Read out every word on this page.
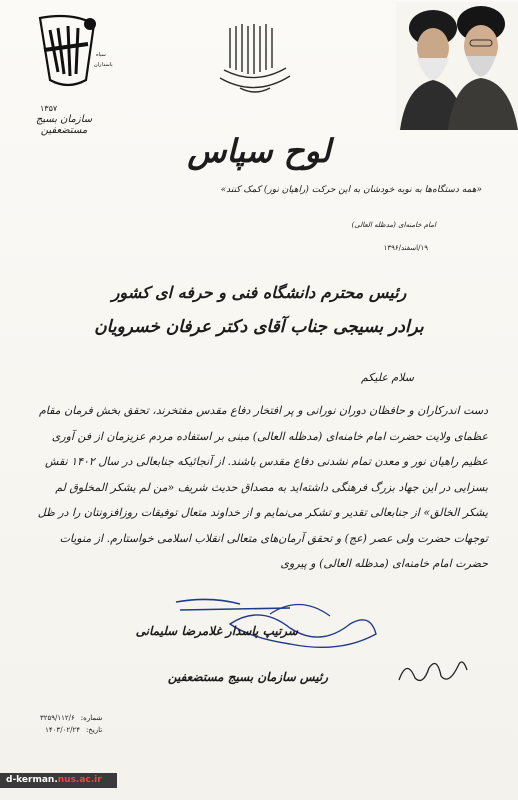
سپاه
پاسداران
۱۳۵۷
سازمان بسیج مستضعفین
لوح سپاس
«همه دستگاه‌ها به نوبه خودشان به این حرکت (راهیان نور) کمک کنند»
امام خامنه‌ای (مدظله العالی)
۱۹/اسفند/۱۳۹۶
رئیس محترم دانشگاه فنی و حرفه ای کشور
برادر بسیجی جناب آقای دکتر عرفان خسرویان
سلام علیکم
دست اندرکاران و حافظان دوران نورانی و پر افتخار دفاع مقدس مفتخرند، تحقق بخش فرمان مقام عظمای ولایت حضرت امام خامنه‌ای (مدظله العالی) مبنی بر استفاده مردم عزیزمان از فن آوری عظیم راهیان نور و معدن تمام نشدنی دفاع مقدس باشند. از آنجائیکه جنابعالی در سال ۱۴۰۲ نقش بسزایی در این جهاد بزرگ فرهنگی داشته‌اید به مصداق حدیث شریف «من لم یشکر المخلوق لم یشکر الخالق» از جنابعالی تقدیر و تشکر می‌نمایم و از خداوند متعال توفیقات روزافزونتان را در ظل توجهات حضرت ولی عصر (عج) و تحقق آرمان‌های متعالی انقلاب اسلامی خواستارم. از منویات حضرت امام خامنه‌ای (مدظله العالی) و پیروی
سرتیپ پاسدار غلامرضا سلیمانی
رئیس سازمان بسیج مستضعفین
شماره:
۳۲۵۹/۱۱۲/۶
تاریخ:
۱۴۰۳/۰۲/۲۴
d-kerman.nus.ac.ir
